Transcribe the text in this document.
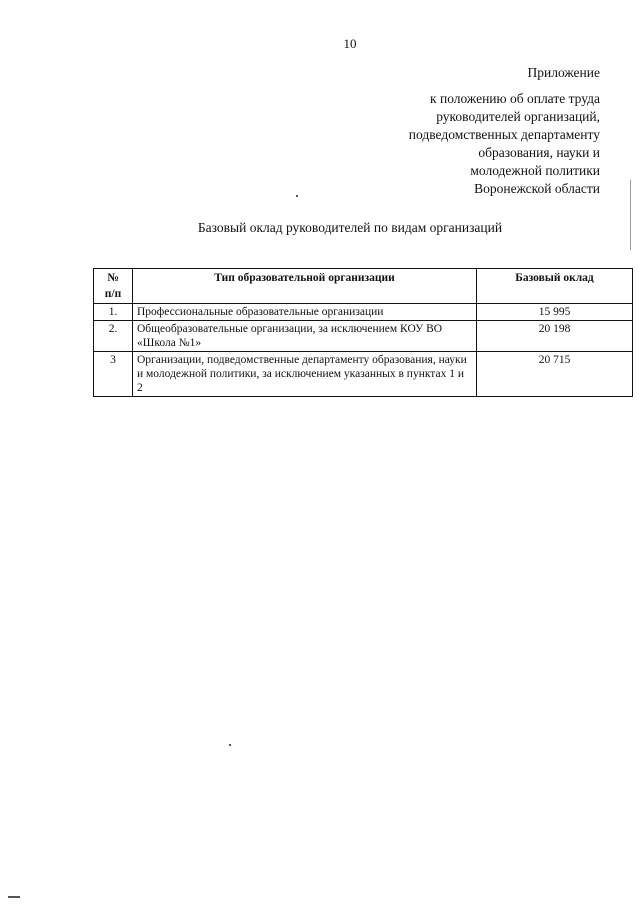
10
Приложение
к положению об оплате труда
руководителей организаций,
подведомственных департаменту
образования, науки и
молодежной политики
Воронежской области
Базовый оклад руководителей по видам организаций
№
п/п	Тип образовательной организации	Базовый оклад
1.	Профессиональные образовательные организации	15 995
2.	Общеобразовательные организации, за исключением КОУ ВО «Школа №1»	20 198
3	Организации, подведомственные департаменту образования, науки и молодежной политики, за исключением указанных в пунктах 1 и 2	20 715
